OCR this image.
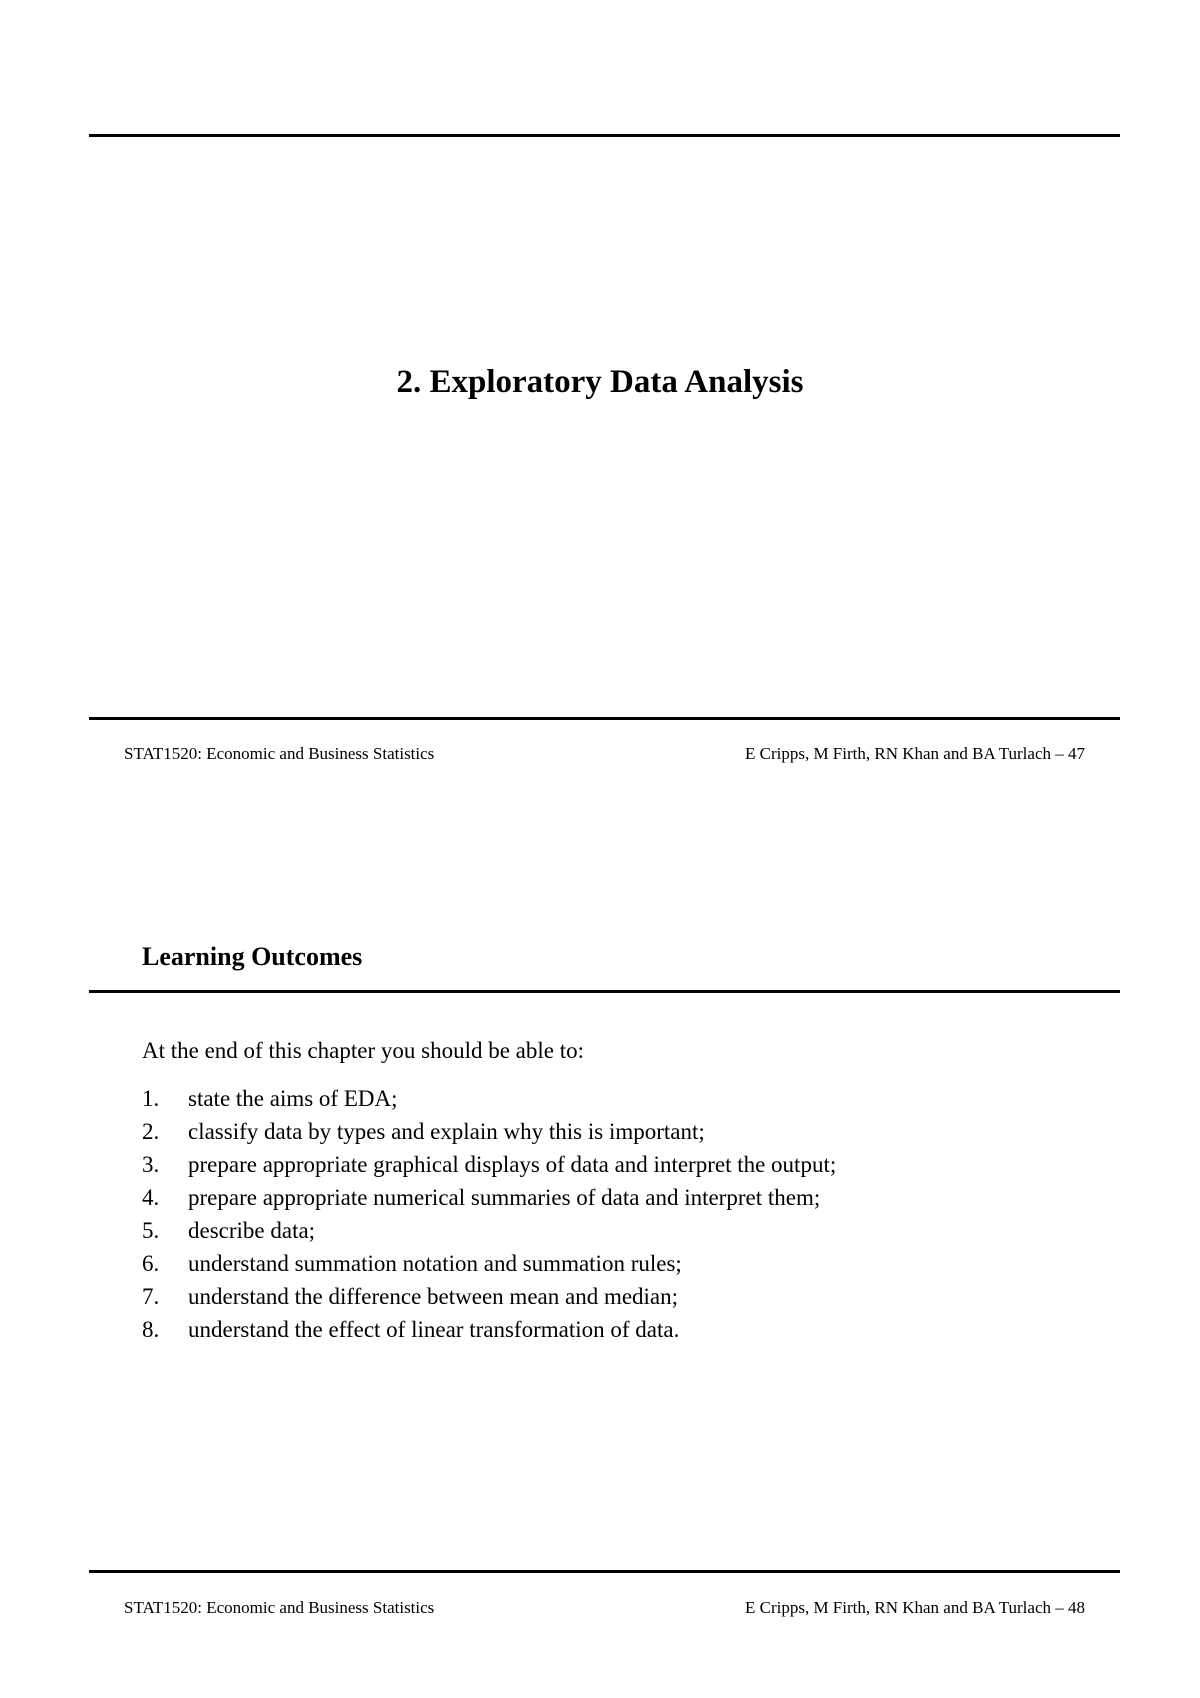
2. Exploratory Data Analysis
STAT1520: Economic and Business Statistics	E Cripps, M Firth, RN Khan and BA Turlach – 47
Learning Outcomes
At the end of this chapter you should be able to:
1.	state the aims of EDA;
2.	classify data by types and explain why this is important;
3.	prepare appropriate graphical displays of data and interpret the output;
4.	prepare appropriate numerical summaries of data and interpret them;
5.	describe data;
6.	understand summation notation and summation rules;
7.	understand the difference between mean and median;
8.	understand the effect of linear transformation of data.
STAT1520: Economic and Business Statistics	E Cripps, M Firth, RN Khan and BA Turlach – 48
